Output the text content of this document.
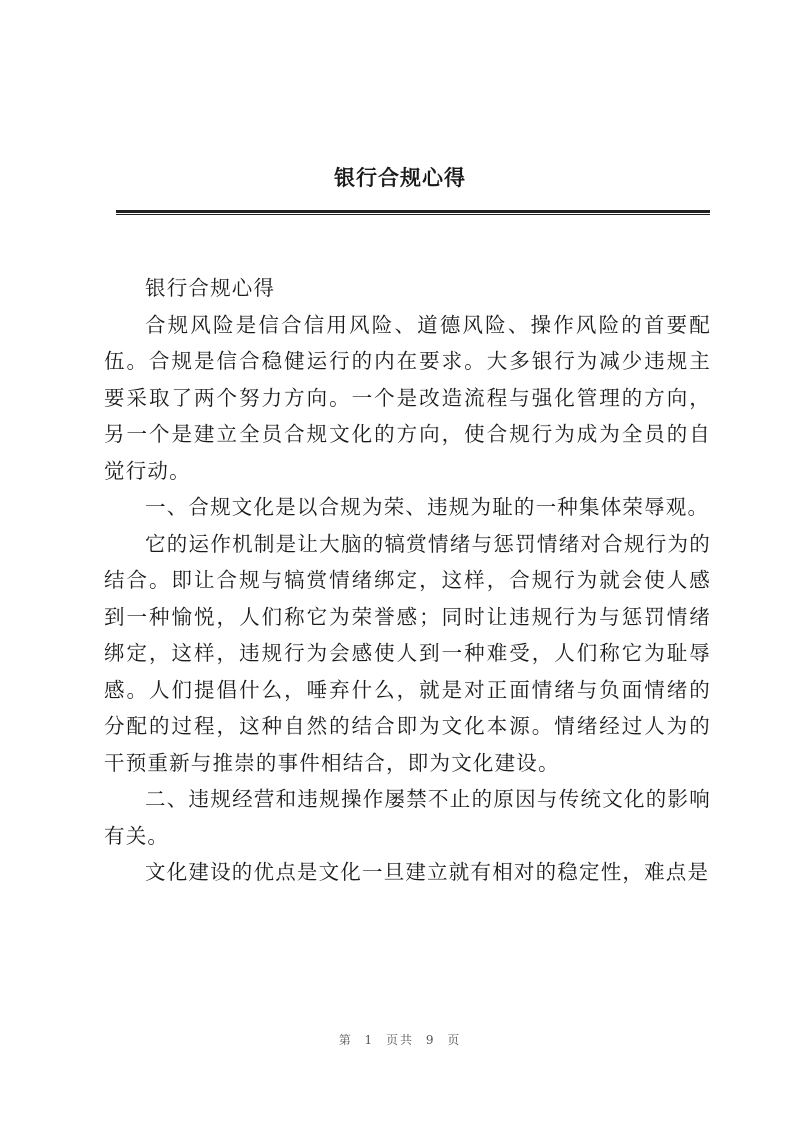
银行合规心得

银行合规心得

合规风险是信合信用风险、道德风险、操作风险的首要配伍。合规是信合稳健运行的内在要求。大多银行为减少违规主要采取了两个努力方向。一个是改造流程与强化管理的方向，另一个是建立全员合规文化的方向，使合规行为成为全员的自觉行动。

一、合规文化是以合规为荣、违规为耻的一种集体荣辱观。

它的运作机制是让大脑的犒赏情绪与惩罚情绪对合规行为的结合。即让合规与犒赏情绪绑定，这样，合规行为就会使人感到一种愉悦，人们称它为荣誉感；同时让违规行为与惩罚情绪绑定，这样，违规行为会感使人到一种难受，人们称它为耻辱感。人们提倡什么，唾弃什么，就是对正面情绪与负面情绪的分配的过程，这种自然的结合即为文化本源。情绪经过人为的干预重新与推崇的事件相结合，即为文化建设。

二、违规经营和违规操作屡禁不止的原因与传统文化的影响有关。

文化建设的优点是文化一旦建立就有相对的稳定性，难点是

第 1 页共 9 页
